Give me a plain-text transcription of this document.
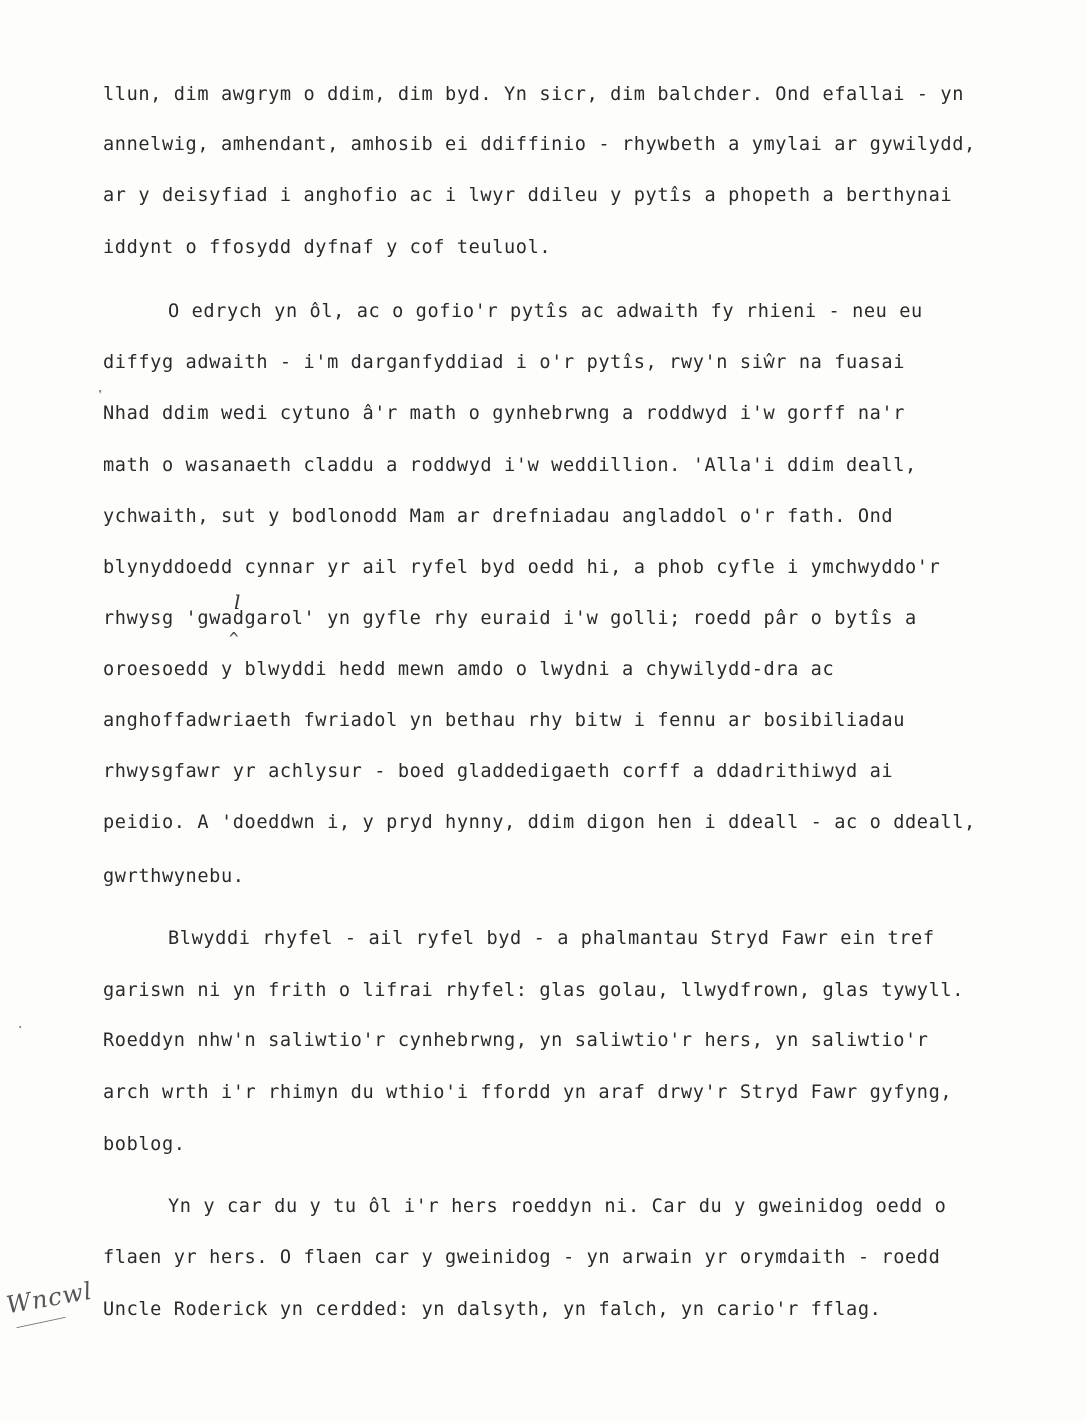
llun, dim awgrym o ddim, dim byd. Yn sicr, dim balchder. Ond efallai - yn
annelwig, amhendant, amhosib ei ddiffinio - rhywbeth a ymylai ar gywilydd,
ar y deisyfiad i anghofio ac i lwyr ddileu y pytîs a phopeth a berthynai
iddynt o ffosydd dyfnaf y cof teuluol.
O edrych yn ôl, ac o gofio'r pytîs ac adwaith fy rhieni - neu eu
diffyg adwaith - i'm darganfyddiad i o'r pytîs, rwy'n siŵr na fuasai
Nhad ddim wedi cytuno â'r math o gynhebrwng a roddwyd i'w gorff na'r
math o wasanaeth claddu a roddwyd i'w weddillion. 'Alla'i ddim deall,
ychwaith, sut y bodlonodd Mam ar drefniadau angladdol o'r fath. Ond
blynyddoedd cynnar yr ail ryfel byd oedd hi, a phob cyfle i ymchwyddo'r
rhwysg 'gwadgarol' yn gyfle rhy euraid i'w golli; roedd pâr o bytîs a
oroesoedd y blwyddi hedd mewn amdo o lwydni a chywilydd-dra ac
anghoffadwriaeth fwriadol yn bethau rhy bitw i fennu ar bosibiliadau
rhwysgfawr yr achlysur - boed gladdedigaeth corff a ddadrithiwyd ai
peidio. A 'doeddwn i, y pryd hynny, ddim digon hen i ddeall - ac o ddeall,
gwrthwynebu.
Blwyddi rhyfel - ail ryfel byd - a phalmantau Stryd Fawr ein tref
gariswn ni yn frith o lifrai rhyfel: glas golau, llwydfrown, glas tywyll.
Roeddyn nhw'n saliwtio'r cynhebrwng, yn saliwtio'r hers, yn saliwtio'r
arch wrth i'r rhimyn du wthio'i ffordd yn araf drwy'r Stryd Fawr gyfyng,
boblog.
Yn y car du y tu ôl i'r hers roeddyn ni. Car du y gweinidog oedd o
flaen yr hers. O flaen car y gweinidog - yn arwain yr orymdaith - roedd
Uncle Roderick yn cerdded: yn dalsyth, yn falch, yn cario'r fflag.
l
^
Wncwl
❜
·
